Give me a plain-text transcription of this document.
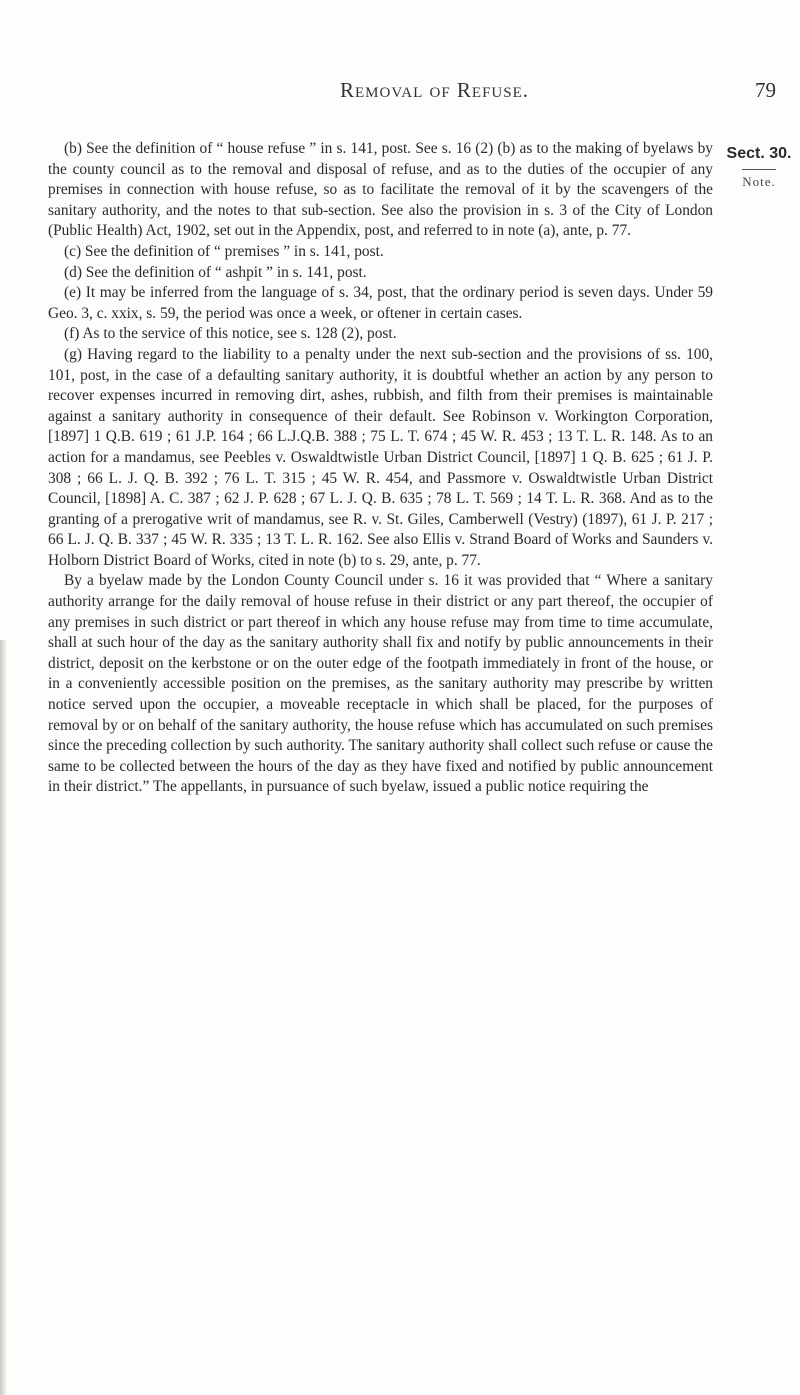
Removal of Refuse.	79
Sect. 30.
Note.

(b) See the definition of “ house refuse ” in s. 141, post. See s. 16 (2) (b) as to the making of byelaws by the county council as to the removal and disposal of refuse, and as to the duties of the occupier of any premises in connection with house refuse, so as to facilitate the removal of it by the scavengers of the sanitary authority, and the notes to that sub-section. See also the provision in s. 3 of the City of London (Public Health) Act, 1902, set out in the Appendix, post, and referred to in note (a), ante, p. 77.

(c) See the definition of “ premises ” in s. 141, post.

(d) See the definition of “ ashpit ” in s. 141, post.

(e) It may be inferred from the language of s. 34, post, that the ordinary period is seven days. Under 59 Geo. 3, c. xxix, s. 59, the period was once a week, or oftener in certain cases.

(f) As to the service of this notice, see s. 128 (2), post.

(g) Having regard to the liability to a penalty under the next sub-section and the provisions of ss. 100, 101, post, in the case of a defaulting sanitary authority, it is doubtful whether an action by any person to recover expenses incurred in removing dirt, ashes, rubbish, and filth from their premises is maintainable against a sanitary authority in consequence of their default. See Robinson v. Workington Corporation, [1897] 1 Q.B. 619 ; 61 J.P. 164 ; 66 L.J.Q.B. 388 ; 75 L. T. 674 ; 45 W. R. 453 ; 13 T. L. R. 148. As to an action for a mandamus, see Peebles v. Oswaldtwistle Urban District Council, [1897] 1 Q. B. 625 ; 61 J. P. 308 ; 66 L. J. Q. B. 392 ; 76 L. T. 315 ; 45 W. R. 454, and Passmore v. Oswaldtwistle Urban District Council, [1898] A. C. 387 ; 62 J. P. 628 ; 67 L. J. Q. B. 635 ; 78 L. T. 569 ; 14 T. L. R. 368. And as to the granting of a prerogative writ of mandamus, see R. v. St. Giles, Camberwell (Vestry) (1897), 61 J. P. 217 ; 66 L. J. Q. B. 337 ; 45 W. R. 335 ; 13 T. L. R. 162. See also Ellis v. Strand Board of Works and Saunders v. Holborn District Board of Works, cited in note (b) to s. 29, ante, p. 77.

By a byelaw made by the London County Council under s. 16 it was provided that “ Where a sanitary authority arrange for the daily removal of house refuse in their district or any part thereof, the occupier of any premises in such district or part thereof in which any house refuse may from time to time accumulate, shall at such hour of the day as the sanitary authority shall fix and notify by public announcements in their district, deposit on the kerbstone or on the outer edge of the footpath immediately in front of the house, or in a conveniently accessible position on the premises, as the sanitary authority may prescribe by written notice served upon the occupier, a moveable receptacle in which shall be placed, for the purposes of removal by or on behalf of the sanitary authority, the house refuse which has accumulated on such premises since the preceding collection by such authority. The sanitary authority shall collect such refuse or cause the same to be collected between the hours of the day as they have fixed and notified by public announcement in their district.” The appellants, in pursuance of such byelaw, issued a public notice requiring the
